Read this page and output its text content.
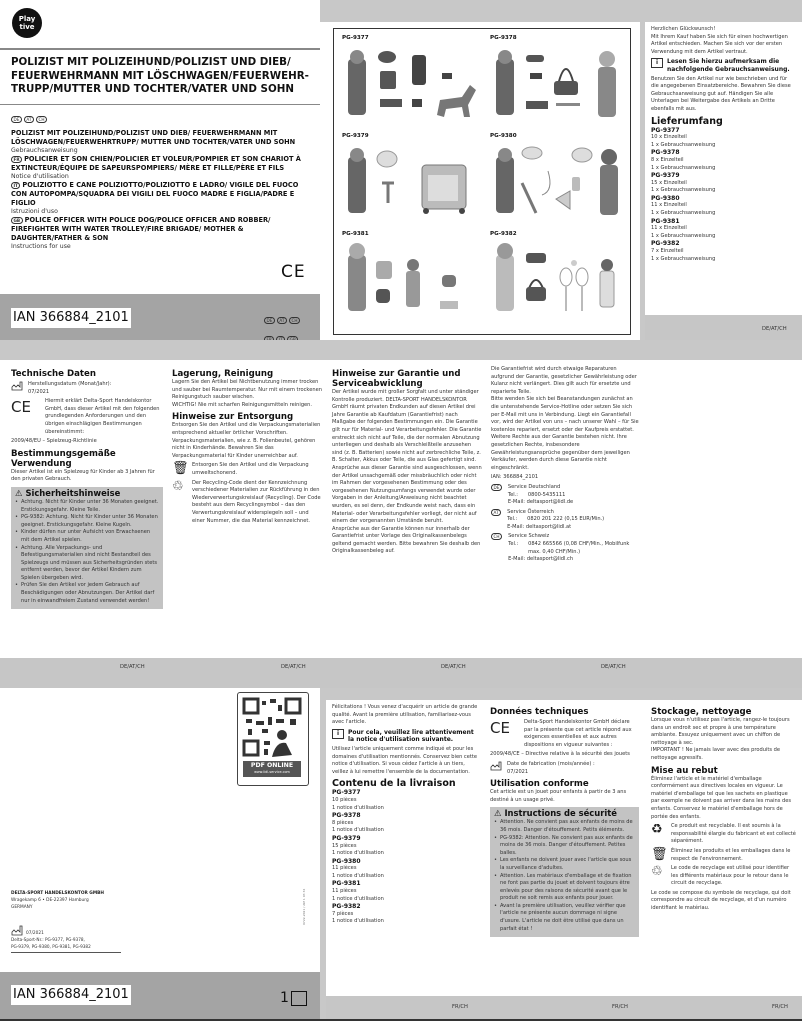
Play tive
POLIZIST MIT POLIZEIHUND/POLIZIST UND DIEB/ FEUERWEHRMANN MIT LÖSCHWAGEN/FEUERWEHR-TRUPP/MUTTER UND TOCHTER/VATER UND SOHN
DE AT CH
POLIZIST MIT POLIZEIHUND/POLIZIST UND DIEB/ FEUERWEHRMANN MIT LÖSCHWAGEN/FEUERWEHRTRUPP/ MUTTER UND TOCHTER/VATER UND SOHN
Gebrauchsanweisung
FR POLICIER ET SON CHIEN/POLICIER ET VOLEUR/POMPIER ET SON CHARIOT À EXTINCTEUR/ÉQUIPE DE SAPEURSPOMPIERS/ MÈRE ET FILLE/PÈRE ET FILS
Notice d'utilisation
IT POLIZIOTTO E CANE POLIZIOTTO/POLIZIOTTO E LADRO/ VIGILE DEL FUOCO CON AUTOPOMPA/SQUADRA DEI VIGILI DEL FUOCO MADRE E FIGLIA/PADRE E FIGLIO
Istruzioni d'uso
GB POLICE OFFICER WITH POLICE DOG/POLICE OFFICER AND ROBBER/ FIREFIGHTER WITH WATER TROLLEY/FIRE BRIGADE/ MOTHER & DAUGHTER/FATHER & SON
Instructions for use
CE
IAN 366884_2101	DE AT CH
FR IT GB
PG-9377	PG-9378
PG-9379	PG-9380
PG-9381	PG-9382
Herzlichen Glückwunsch!
Mit Ihrem Kauf haben Sie sich für einen hochwertigen Artikel entschieden. Machen Sie sich vor der ersten Verwendung mit dem Artikel vertraut.
i	Lesen Sie hierzu aufmerksam die nachfolgende Gebrauchsanweisung.
Benutzen Sie den Artikel nur wie beschrieben und für die angegebenen Einsatzbereiche. Bewahren Sie diese Gebrauchsanweisung gut auf. Händigen Sie alle Unterlagen bei Weitergabe des Artikels an Dritte ebenfalls mit aus.
Lieferumfang
PG-9377
10 x Einzelteil
1 x Gebrauchsanweisung
PG-9378
8 x Einzelteil
1 x Gebrauchsanweisung
PG-9379
15 x Einzelteil
1 x Gebrauchsanweisung
PG-9380
11 x Einzelteil
1 x Gebrauchsanweisung
PG-9381
11 x Einzelteil
1 x Gebrauchsanweisung
PG-9382
7 x Einzelteil
1 x Gebrauchsanweisung
DE/AT/CH
Technische Daten
Herstellungsdatum (Monat/Jahr):
07/2021
CE	Hiermit erklärt Delta-Sport Handelskontor GmbH, dass dieser Artikel mit den folgenden grundlegenden Anforderungen und den übrigen einschlägigen Bestimmungen übereinstimmt:
2009/48/EU – Spielzeug-Richtlinie
Bestimmungsgemäße Verwendung
Dieser Artikel ist ein Spielzeug für Kinder ab 3 Jahren für den privaten Gebrauch.
⚠ Sicherheitshinweise
• Achtung. Nicht für Kinder unter 36 Monaten geeignet. Erstickungsgefahr. Kleine Teile.
• PG-9382: Achtung. Nicht für Kinder unter 36 Monaten geeignet. Erstickungsgefahr. Kleine Kugeln.
• Kinder dürfen nur unter Aufsicht von Erwachsenen mit dem Artikel spielen.
• Achtung. Alle Verpackungs- und Befestigungsmaterialien sind nicht Bestandteil des Spielzeugs und müssen aus Sicherheitsgründen stets entfernt werden, bevor der Artikel Kindern zum Spielen übergeben wird.
• Prüfen Sie den Artikel vor jedem Gebrauch auf Beschädigungen oder Abnutzungen. Der Artikel darf nur in einwandfreiem Zustand verwendet werden!
Lagerung, Reinigung
Lagern Sie den Artikel bei Nichtbenutzung immer trocken und sauber bei Raumtemperatur. Nur mit einem trockenen Reinigungstuch sauber wischen.
WICHTIG! Nie mit scharfen Reinigungsmitteln reinigen.
Hinweise zur Entsorgung
Entsorgen Sie den Artikel und die Verpackungsmaterialien entsprechend aktueller örtlicher Vorschriften. Verpackungsmaterialien, wie z. B. Folienbeutel, gehören nicht in Kinderhände. Bewahren Sie das Verpackungsmaterial für Kinder unerreichbar auf.
🗑 Entsorgen Sie den Artikel und die Verpackung umweltschonend.
♲	Der Recycling-Code dient der Kennzeichnung verschiedener Materialien zur Rückführung in den Wiederverwertungskreislauf (Recycling). Der Code besteht aus dem Recyclingsymbol – das den Verwertungskreislauf widerspiegeln soll – und einer Nummer, die das Material kennzeichnet.
Hinweise zur Garantie und Serviceabwicklung
Der Artikel wurde mit großer Sorgfalt und unter ständiger Kontrolle produziert. DELTA-SPORT HANDELSKONTOR GmbH räumt privaten Endkunden auf diesen Artikel drei Jahre Garantie ab Kaufdatum (Garantiefrist) nach Maßgabe der folgenden Bestimmungen ein. Die Garantie gilt nur für Material- und Verarbeitungsfehler. Die Garantie erstreckt sich nicht auf Teile, die der normalen Abnutzung unterliegen und deshalb als Verschleißteile anzusehen sind (z. B. Batterien) sowie nicht auf zerbrechliche Teile, z. B. Schalter, Akkus oder Teile, die aus Glas gefertigt sind.
Ansprüche aus dieser Garantie sind ausgeschlossen, wenn der Artikel unsachgemäß oder missbräuchlich oder nicht im Rahmen der vorgesehenen Bestimmung oder des vorgesehenen Nutzungsumfangs verwendet wurde oder Vorgaben in der Anleitung/Anweisung nicht beachtet wurden, es sei denn, der Endkunde weist nach, dass ein Material- oder Verarbeitungsfehler vorliegt, der nicht auf einem der vorgenannten Umstände beruht.
Ansprüche aus der Garantie können nur innerhalb der Garantiefrist unter Vorlage des Originalkassenbelegs geltend gemacht werden. Bitte bewahren Sie deshalb den Originalkassenbeleg auf.
Die Garantiefrist wird durch etwaige Reparaturen aufgrund der Garantie, gesetzlicher Gewährleistung oder Kulanz nicht verlängert. Dies gilt auch für ersetzte und reparierte Teile.
Bitte wenden Sie sich bei Beanstandungen zunächst an die untenstehende Service-Hotline oder setzen Sie sich per E-Mail mit uns in Verbindung. Liegt ein Garantiefall vor, wird der Artikel von uns – nach unserer Wahl – für Sie kostenlos repariert, ersetzt oder der Kaufpreis erstattet. Weitere Rechte aus der Garantie bestehen nicht. Ihre gesetzlichen Rechte, insbesondere Gewährleistungsansprüche gegenüber dem jeweiligen Verkäufer, werden durch diese Garantie nicht eingeschränkt.
IAN: 366884_2101
DE	Service Deutschland
Tel.: 0800-5435111
E-Mail: deltasport@lidl.de
AT	Service Österreich
Tel.: 0820 201 222 (0,15 EUR/Min.)
E-Mail: deltasport@lidl.at
CH	Service Schweiz
Tel.:	0842 665566 (0,08 CHF/Min., Mobilfunk max. 0,40 CHF/Min.)
E-Mail: deltasport@lidl.ch
DE/AT/CH	DE/AT/CH	DE/AT/CH	DE/AT/CH
PDF ONLINE
www.lidl-service.com
DELTA-SPORT HANDELSKONTOR GMBH
Wragekamp 6 • DE-22397 Hamburg
GERMANY
07/2021
Delta-Sport-Nr.: PG-9377, PG-9378,
PG-9379, PG-9380, PG-9381, PG-9382
0722-2021 / AM 1 03 34
IAN 366884_2101	1
Félicitations ! Vous venez d'acquérir un article de grande qualité. Avant la première utilisation, familiarisez-vous avec l'article.
i	Pour cela, veuillez lire attentivement la notice d'utilisation suivante.
Utilisez l'article uniquement comme indiqué et pour les domaines d'utilisation mentionnés. Conservez bien cette notice d'utilisation. Si vous cédez l'article à un tiers, veillez à lui remettre l'ensemble de la documentation.
Contenu de la livraison
PG-9377
10 pièces
1 notice d'utilisation
PG-9378
8 pièces
1 notice d'utilisation
PG-9379
15 pièces
1 notice d'utilisation
PG-9380
11 pièces
1 notice d'utilisation
PG-9381
11 pièces
1 notice d'utilisation
PG-9382
7 pièces
1 notice d'utilisation
Données techniques
CE	Delta-Sport Handelskontor GmbH déclare par la présente que cet article répond aux exigences essentielles et aux autres dispositions en vigueur suivantes :
2009/48/CE – Directive relative à la sécurité des jouets
Date de fabrication (mois/année) :
07/2021
Utilisation conforme
Cet article est un jouet pour enfants à partir de 3 ans destiné à un usage privé.
⚠ Instructions de sécurité
• Attention. Ne convient pas aux enfants de moins de 36 mois. Danger d'étouffement. Petits éléments.
• PG-9382: Attention. Ne convient pas aux enfants de moins de 36 mois. Danger d'étouffement. Petites balles.
• Les enfants ne doivent jouer avec l'article que sous la surveillance d'adultes.
• Attention. Les matériaux d'emballage et de fixation ne font pas partie du jouet et doivent toujours être enlevés pour des raisons de sécurité avant que le produit ne soit remis aux enfants pour jouer.
• Avant la première utilisation, veuillez vérifier que l'article ne présente aucun dommage ni signe d'usure. L'article ne doit être utilisé que dans un parfait état !
Stockage, nettoyage
Lorsque vous n'utilisez pas l'article, rangez-le toujours dans un endroit sec et propre à une température ambiante. Essuyez uniquement avec un chiffon de nettoyage à sec.
IMPORTANT ! Ne jamais laver avec des produits de nettoyage agressifs.
Mise au rebut
Éliminez l'article et le matériel d'emballage conformément aux directives locales en vigueur. Le matériel d'emballage tel que les sachets en plastique par exemple ne doivent pas arriver dans les mains des enfants. Conservez le matériel d'emballage hors de portée des enfants.
♻	Ce produit est recyclable. Il est soumis à la responsabilité élargie du fabricant et est collecté séparément.
🗑 Éliminez les produits et les emballages dans le respect de l'environnement.
♲	Le code de recyclage est utilisé pour identifier les différents matériaux pour le retour dans le circuit de recyclage.
Le code se compose du symbole de recyclage, qui doit correspondre au circuit de recyclage, et d'un numéro identifiant le matériau.
FR/CH	FR/CH	FR/CH
